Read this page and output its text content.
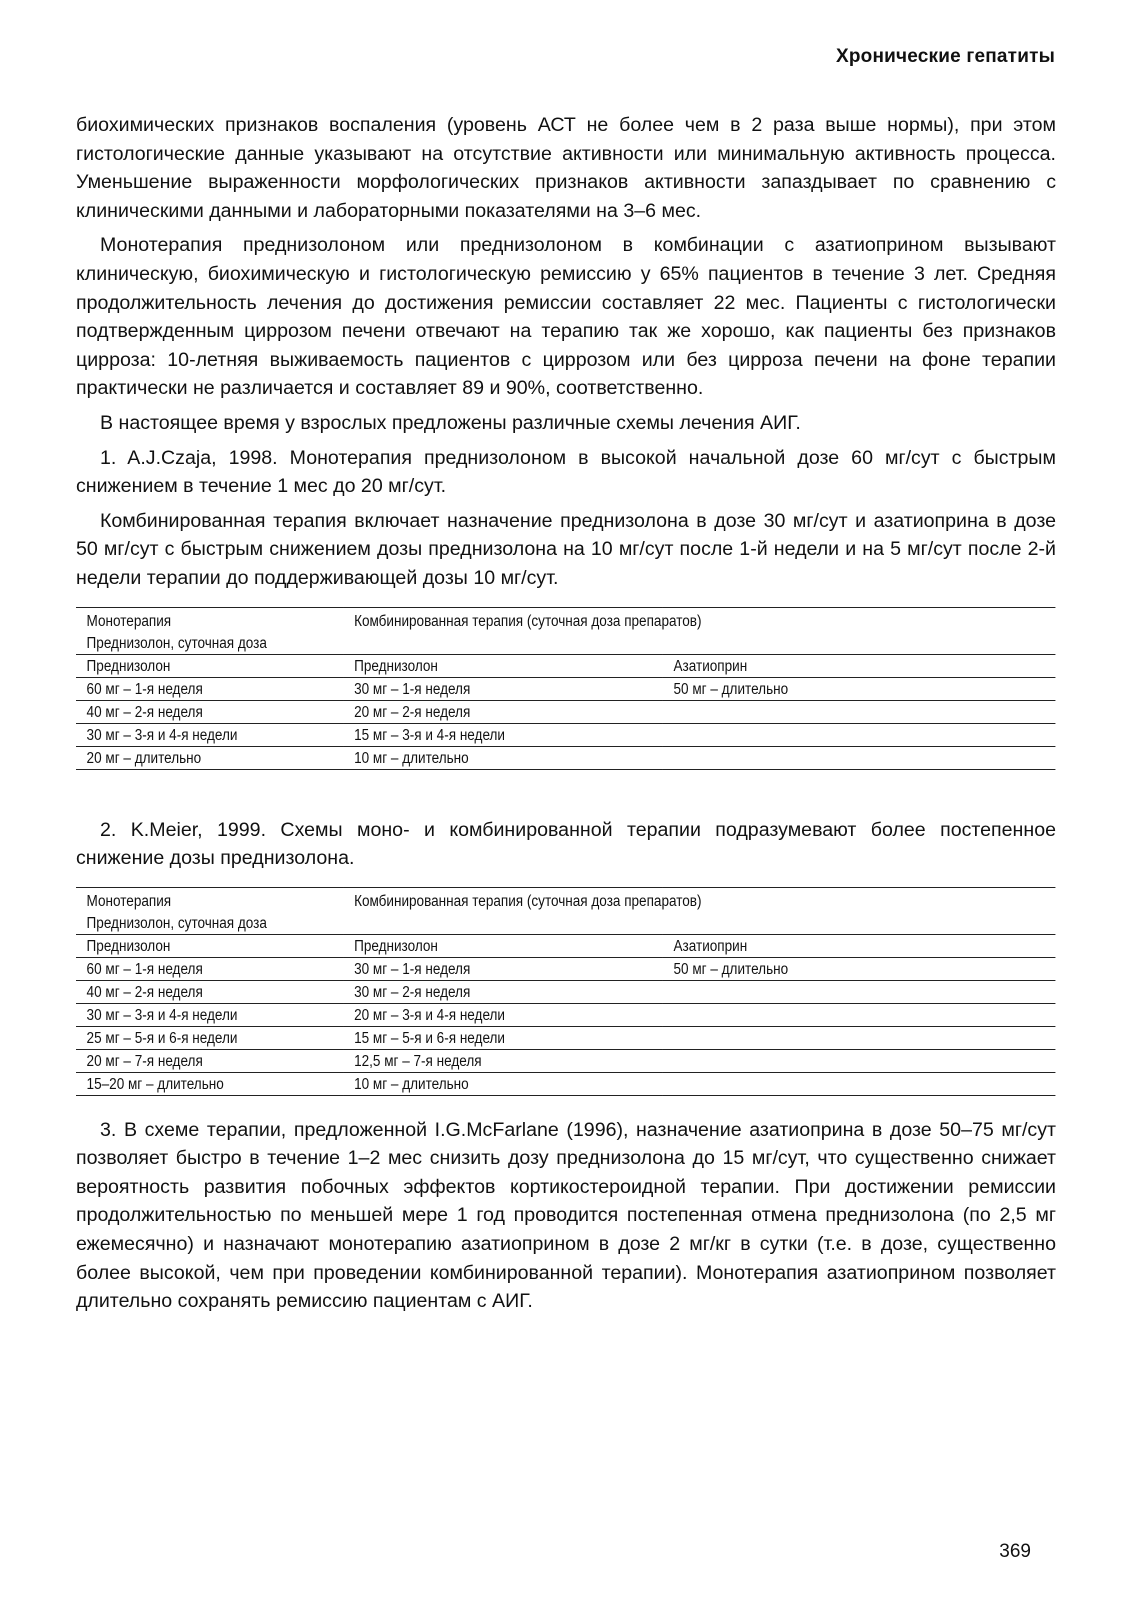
Хронические гепатиты

биохимических признаков воспаления (уровень АСТ не более чем в 2 раза выше нормы), при этом гистологические данные указывают на отсутствие активности или минимальную активность процесса. Уменьшение выраженности морфологических признаков активности запаздывает по сравнению с клиническими данными и лабораторными показателями на 3–6 мес.

Монотерапия преднизолоном или преднизолоном в комбинации с азатиоприном вызывают клиническую, биохимическую и гистологическую ремиссию у 65% пациентов в течение 3 лет. Средняя продолжительность лечения до достижения ремиссии составляет 22 мес. Пациенты с гистологически подтвержденным циррозом печени отвечают на терапию так же хорошо, как пациенты без признаков цирроза: 10-летняя выживаемость пациентов с циррозом или без цирроза печени на фоне терапии практически не различается и составляет 89 и 90%, соответственно.

В настоящее время у взрослых предложены различные схемы лечения АИГ.

1. A.J.Czaja, 1998. Монотерапия преднизолоном в высокой начальной дозе 60 мг/сут с быстрым снижением в течение 1 мес до 20 мг/сут.

Комбинированная терапия включает назначение преднизолона в дозе 30 мг/сут и азатиоприна в дозе 50 мг/сут с быстрым снижением дозы преднизолона на 10 мг/сут после 1-й недели и на 5 мг/сут после 2-й недели терапии до поддерживающей дозы 10 мг/сут.

Монотерапия	Комбинированная терапия (суточная доза препаратов)	
Преднизолон, суточная доза		
Преднизолон	Преднизолон	Азатиоприн
60 мг – 1-я неделя	30 мг – 1-я неделя	50 мг – длительно
40 мг – 2-я неделя	20 мг – 2-я неделя	
30 мг – 3-я и 4-я недели	15 мг – 3-я и 4-я недели	
20 мг – длительно	10 мг – длительно	

2. K.Meier, 1999. Схемы моно- и комбинированной терапии подразумевают более постепенное снижение дозы преднизолона.

Монотерапия	Комбинированная терапия (суточная доза препаратов)	
Преднизолон, суточная доза		
Преднизолон	Преднизолон	Азатиоприн
60 мг – 1-я неделя	30 мг – 1-я неделя	50 мг – длительно
40 мг – 2-я неделя	30 мг – 2-я неделя	
30 мг – 3-я и 4-я недели	20 мг – 3-я и 4-я недели	
25 мг – 5-я и 6-я недели	15 мг – 5-я и 6-я недели	
20 мг – 7-я неделя	12,5 мг – 7-я неделя	
15–20 мг – длительно	10 мг – длительно	

3. В схеме терапии, предложенной I.G.McFarlane (1996), назначение азатиоприна в дозе 50–75 мг/сут позволяет быстро в течение 1–2 мес снизить дозу преднизолона до 15 мг/сут, что существенно снижает вероятность развития побочных эффектов кортикостероидной терапии. При достижении ремиссии продолжительностью по меньшей мере 1 год проводится постепенная отмена преднизолона (по 2,5 мг ежемесячно) и назначают монотерапию азатиоприном в дозе 2 мг/кг в сутки (т.е. в дозе, существенно более высокой, чем при проведении комбинированной терапии). Монотерапия азатиоприном позволяет длительно сохранять ремиссию пациентам с АИГ.

369
